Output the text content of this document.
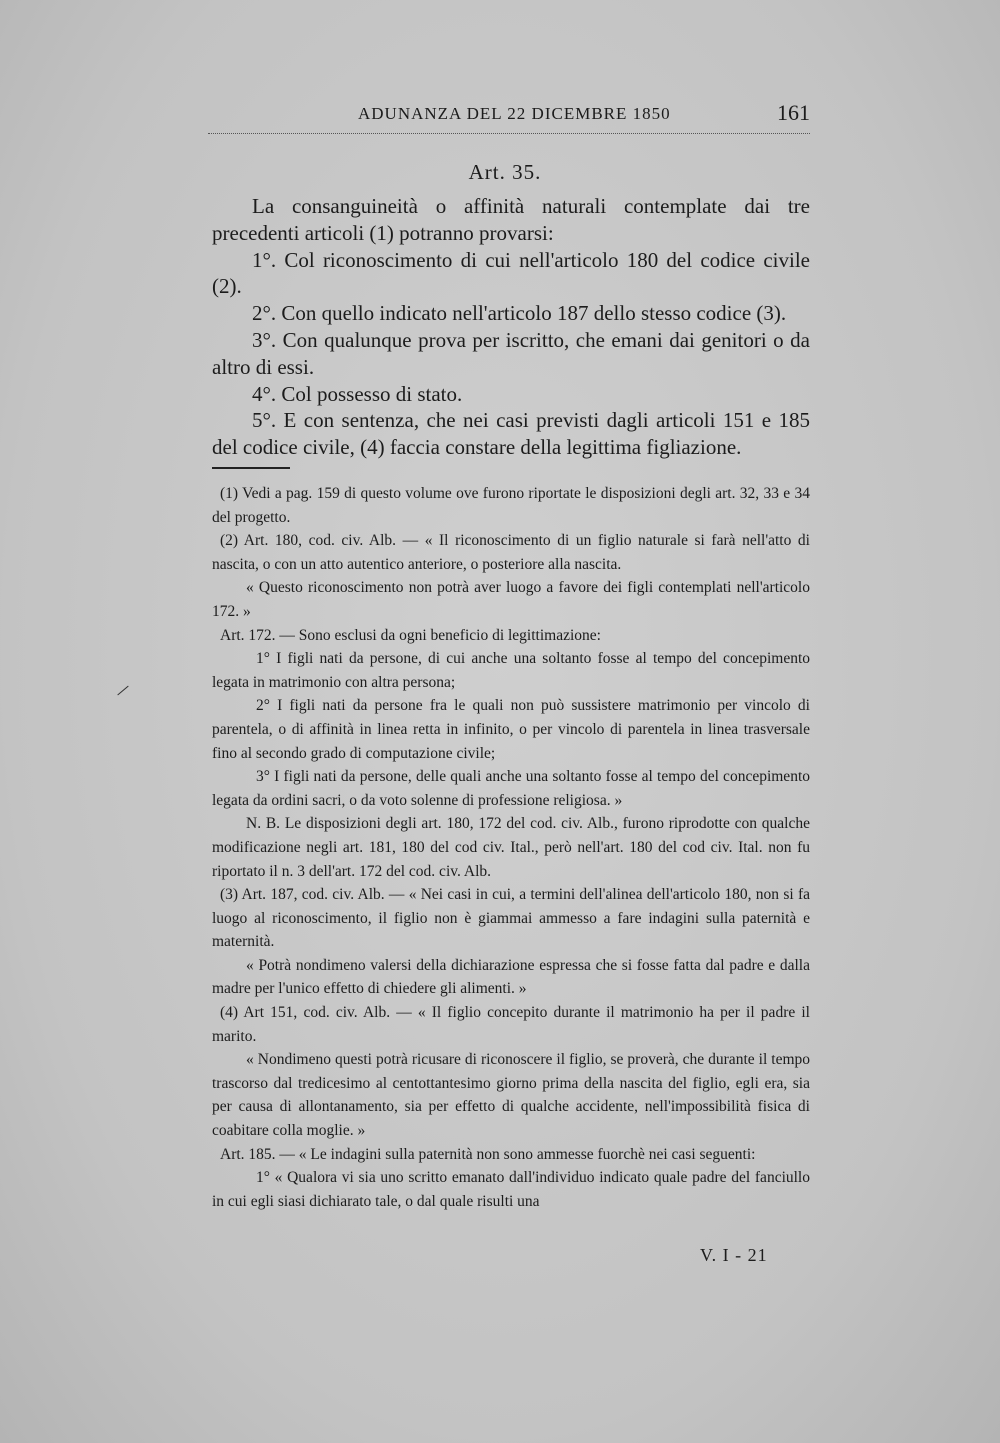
ADUNANZA DEL 22 DICEMBRE 1850	161
Art. 35.

La consanguineità o affinità naturali contemplate dai tre precedenti articoli (1) potranno provarsi:

1°. Col riconoscimento di cui nell'articolo 180 del codice civile (2).

2°. Con quello indicato nell'articolo 187 dello stesso codice (3).

3°. Con qualunque prova per iscritto, che emani dai genitori o da altro di essi.

4°. Col possesso di stato.

5°. E con sentenza, che nei casi previsti dagli articoli 151 e 185 del codice civile, (4) faccia constare della legittima figliazione.

(1) Vedi a pag. 159 di questo volume ove furono riportate le disposizioni degli art. 32, 33 e 34 del progetto.

(2) Art. 180, cod. civ. Alb. — « Il riconoscimento di un figlio naturale si farà nell'atto di nascita, o con un atto autentico anteriore, o posteriore alla nascita.

« Questo riconoscimento non potrà aver luogo a favore dei figli contemplati nell'articolo 172. »

Art. 172. — Sono esclusi da ogni beneficio di legittimazione:

1° I figli nati da persone, di cui anche una soltanto fosse al tempo del concepimento legata in matrimonio con altra persona;

2° I figli nati da persone fra le quali non può sussistere matrimonio per vincolo di parentela, o di affinità in linea retta in infinito, o per vincolo di parentela in linea trasversale fino al secondo grado di computazione civile;

3° I figli nati da persone, delle quali anche una soltanto fosse al tempo del concepimento legata da ordini sacri, o da voto solenne di professione religiosa. »

N. B. Le disposizioni degli art. 180, 172 del cod. civ. Alb., furono riprodotte con qualche modificazione negli art. 181, 180 del cod civ. Ital., però nell'art. 180 del cod civ. Ital. non fu riportato il n. 3 dell'art. 172 del cod. civ. Alb.

(3) Art. 187, cod. civ. Alb. — « Nei casi in cui, a termini dell'alinea dell'articolo 180, non si fa luogo al riconoscimento, il figlio non è giammai ammesso a fare indagini sulla paternità e maternità.

« Potrà nondimeno valersi della dichiarazione espressa che si fosse fatta dal padre e dalla madre per l'unico effetto di chiedere gli alimenti. »

(4) Art 151, cod. civ. Alb. — « Il figlio concepito durante il matrimonio ha per il padre il marito.

« Nondimeno questi potrà ricusare di riconoscere il figlio, se proverà, che durante il tempo trascorso dal tredicesimo al centottantesimo giorno prima della nascita del figlio, egli era, sia per causa di allontanamento, sia per effetto di qualche accidente, nell'impossibilità fisica di coabitare colla moglie. »

Art. 185. — « Le indagini sulla paternità non sono ammesse fuorchè nei casi seguenti:

1° « Qualora vi sia uno scritto emanato dall'individuo indicato quale padre del fanciullo in cui egli siasi dichiarato tale, o dal quale risulti una

V. I - 21
